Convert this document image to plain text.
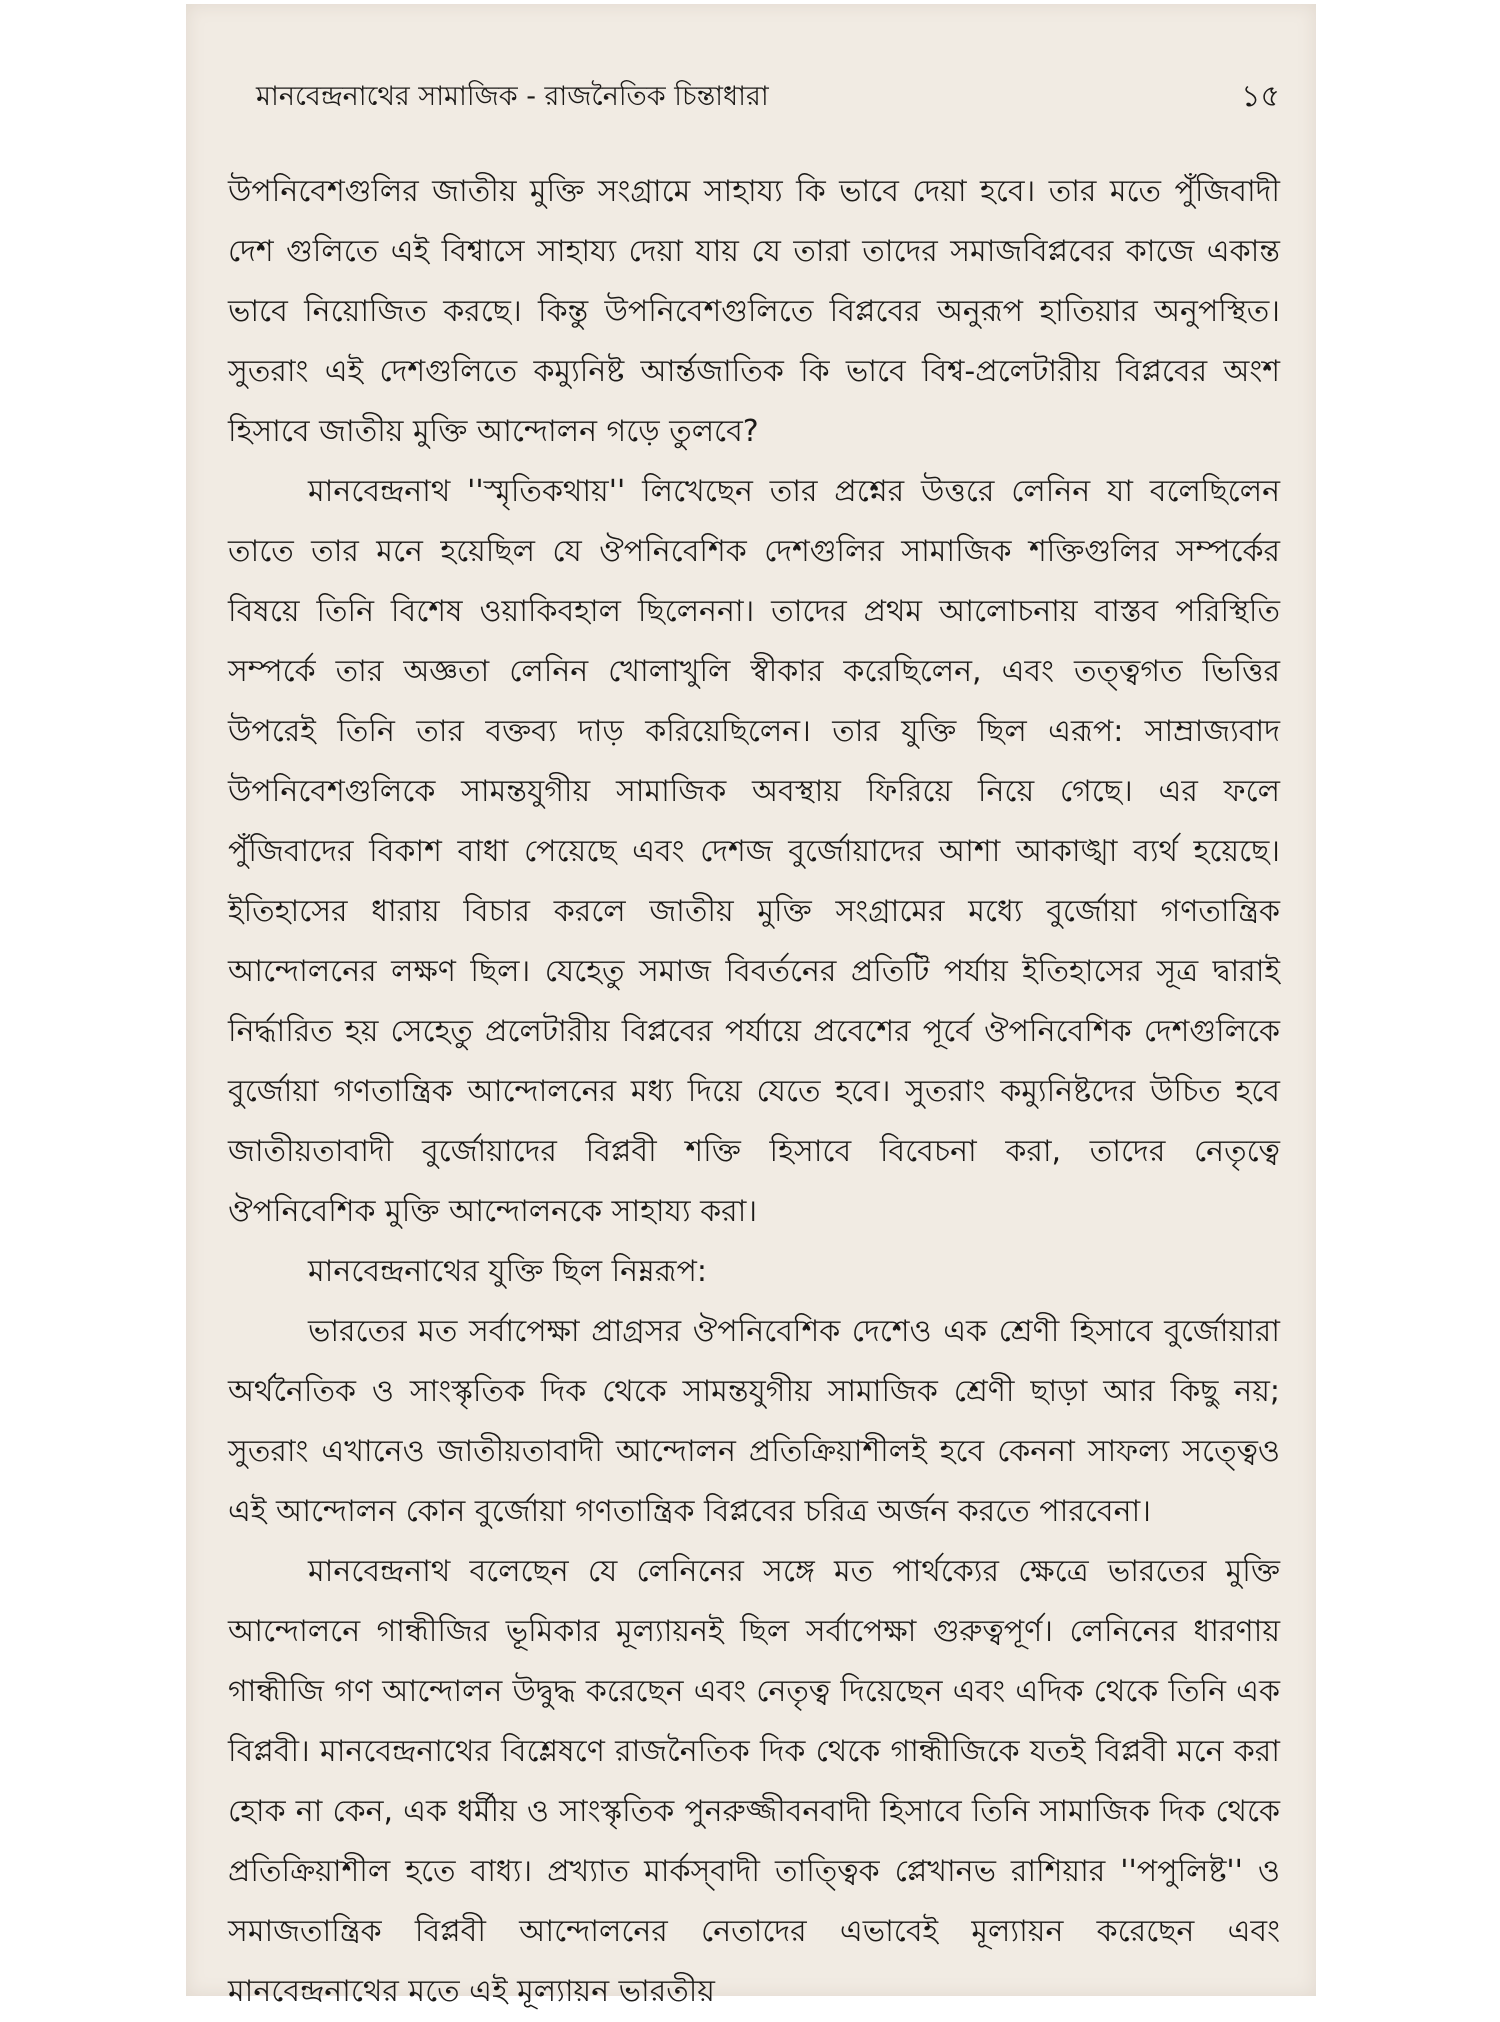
মানবেন্দ্রনাথের সামাজিক - রাজনৈতিক চিন্তাধারা	১৫

উপনিবেশগুলির জাতীয় মুক্তি সংগ্রামে সাহায্য কি ভাবে দেয়া হবে। তার মতে পুঁজিবাদী দেশ গুলিতে এই বিশ্বাসে সাহায্য দেয়া যায় যে তারা তাদের সমাজবিপ্লবের কাজে একান্ত ভাবে নিয়োজিত করছে। কিন্তু উপনিবেশগুলিতে বিপ্লবের অনুরূপ হাতিয়ার অনুপস্থিত। সুতরাং এই দেশগুলিতে কম্যুনিষ্ট আর্ন্তজাতিক কি ভাবে বিশ্ব-প্রলেটারীয় বিপ্লবের অংশ হিসাবে জাতীয় মুক্তি আন্দোলন গড়ে তুলবে?

মানবেন্দ্রনাথ ''স্মৃতিকথায়'' লিখেছেন তার প্রশ্নের উত্তরে লেনিন যা বলেছিলেন তাতে তার মনে হয়েছিল যে ঔপনিবেশিক দেশগুলির সামাজিক শক্তিগুলির সম্পর্কের বিষয়ে তিনি বিশেষ ওয়াকিবহাল ছিলেননা। তাদের প্রথম আলোচনায় বাস্তব পরিস্থিতি সম্পর্কে তার অজ্ঞতা লেনিন খোলাখুলি স্বীকার করেছিলেন, এবং তত্ত্বগত ভিত্তির উপরেই তিনি তার বক্তব্য দাড় করিয়েছিলেন। তার যুক্তি ছিল এরূপ: সাম্রাজ্যবাদ উপনিবেশগুলিকে সামন্তযুগীয় সামাজিক অবস্থায় ফিরিয়ে নিয়ে গেছে। এর ফলে পুঁজিবাদের বিকাশ বাধা পেয়েছে এবং দেশজ বুর্জোয়াদের আশা আকাঙ্খা ব্যর্থ হয়েছে। ইতিহাসের ধারায় বিচার করলে জাতীয় মুক্তি সংগ্রামের মধ্যে বুর্জোয়া গণতান্ত্রিক আন্দোলনের লক্ষণ ছিল। যেহেতু সমাজ বিবর্তনের প্রতিটি পর্যায় ইতিহাসের সূত্র দ্বারাই নির্দ্ধারিত হয় সেহেতু প্রলেটারীয় বিপ্লবের পর্যায়ে প্রবেশের পূর্বে ঔপনিবেশিক দেশগুলিকে বুর্জোয়া গণতান্ত্রিক আন্দোলনের মধ্য দিয়ে যেতে হবে। সুতরাং কম্যুনিষ্টদের উচিত হবে জাতীয়তাবাদী বুর্জোয়াদের বিপ্লবী শক্তি হিসাবে বিবেচনা করা, তাদের নেতৃত্বে ঔপনিবেশিক মুক্তি আন্দোলনকে সাহায্য করা।

মানবেন্দ্রনাথের যুক্তি ছিল নিম্নরূপ:

ভারতের মত সর্বাপেক্ষা প্রাগ্রসর ঔপনিবেশিক দেশেও এক শ্রেণী হিসাবে বুর্জোয়ারা অর্থনৈতিক ও সাংস্কৃতিক দিক থেকে সামন্তযুগীয় সামাজিক শ্রেণী ছাড়া আর কিছু নয়; সুতরাং এখানেও জাতীয়তাবাদী আন্দোলন প্রতিক্রিয়াশীলই হবে কেননা সাফল্য সত্ত্বেও এই আন্দোলন কোন বুর্জোয়া গণতান্ত্রিক বিপ্লবের চরিত্র অর্জন করতে পারবেনা।

মানবেন্দ্রনাথ বলেছেন যে লেনিনের সঙ্গে মত পার্থক্যের ক্ষেত্রে ভারতের মুক্তি আন্দোলনে গান্ধীজির ভূমিকার মূল্যায়নই ছিল সর্বাপেক্ষা গুরুত্বপূর্ণ। লেনিনের ধারণায় গান্ধীজি গণ আন্দোলন উদ্বুদ্ধ করেছেন এবং নেতৃত্ব দিয়েছেন এবং এদিক থেকে তিনি এক বিপ্লবী। মানবেন্দ্রনাথের বিশ্লেষণে রাজনৈতিক দিক থেকে গান্ধীজিকে যতই বিপ্লবী মনে করা হোক না কেন, এক ধর্মীয় ও সাংস্কৃতিক পুনরুজ্জীবনবাদী হিসাবে তিনি সামাজিক দিক থেকে প্রতিক্রিয়াশীল হতে বাধ্য। প্রখ্যাত মার্কস্‌বাদী তাত্ত্বিক প্লেখানভ রাশিয়ার ''পপুলিষ্ট'' ও সমাজতান্ত্রিক বিপ্লবী আন্দোলনের নেতাদের এভাবেই মূল্যায়ন করেছেন এবং মানবেন্দ্রনাথের মতে এই মূল্যায়ন ভারতীয়
